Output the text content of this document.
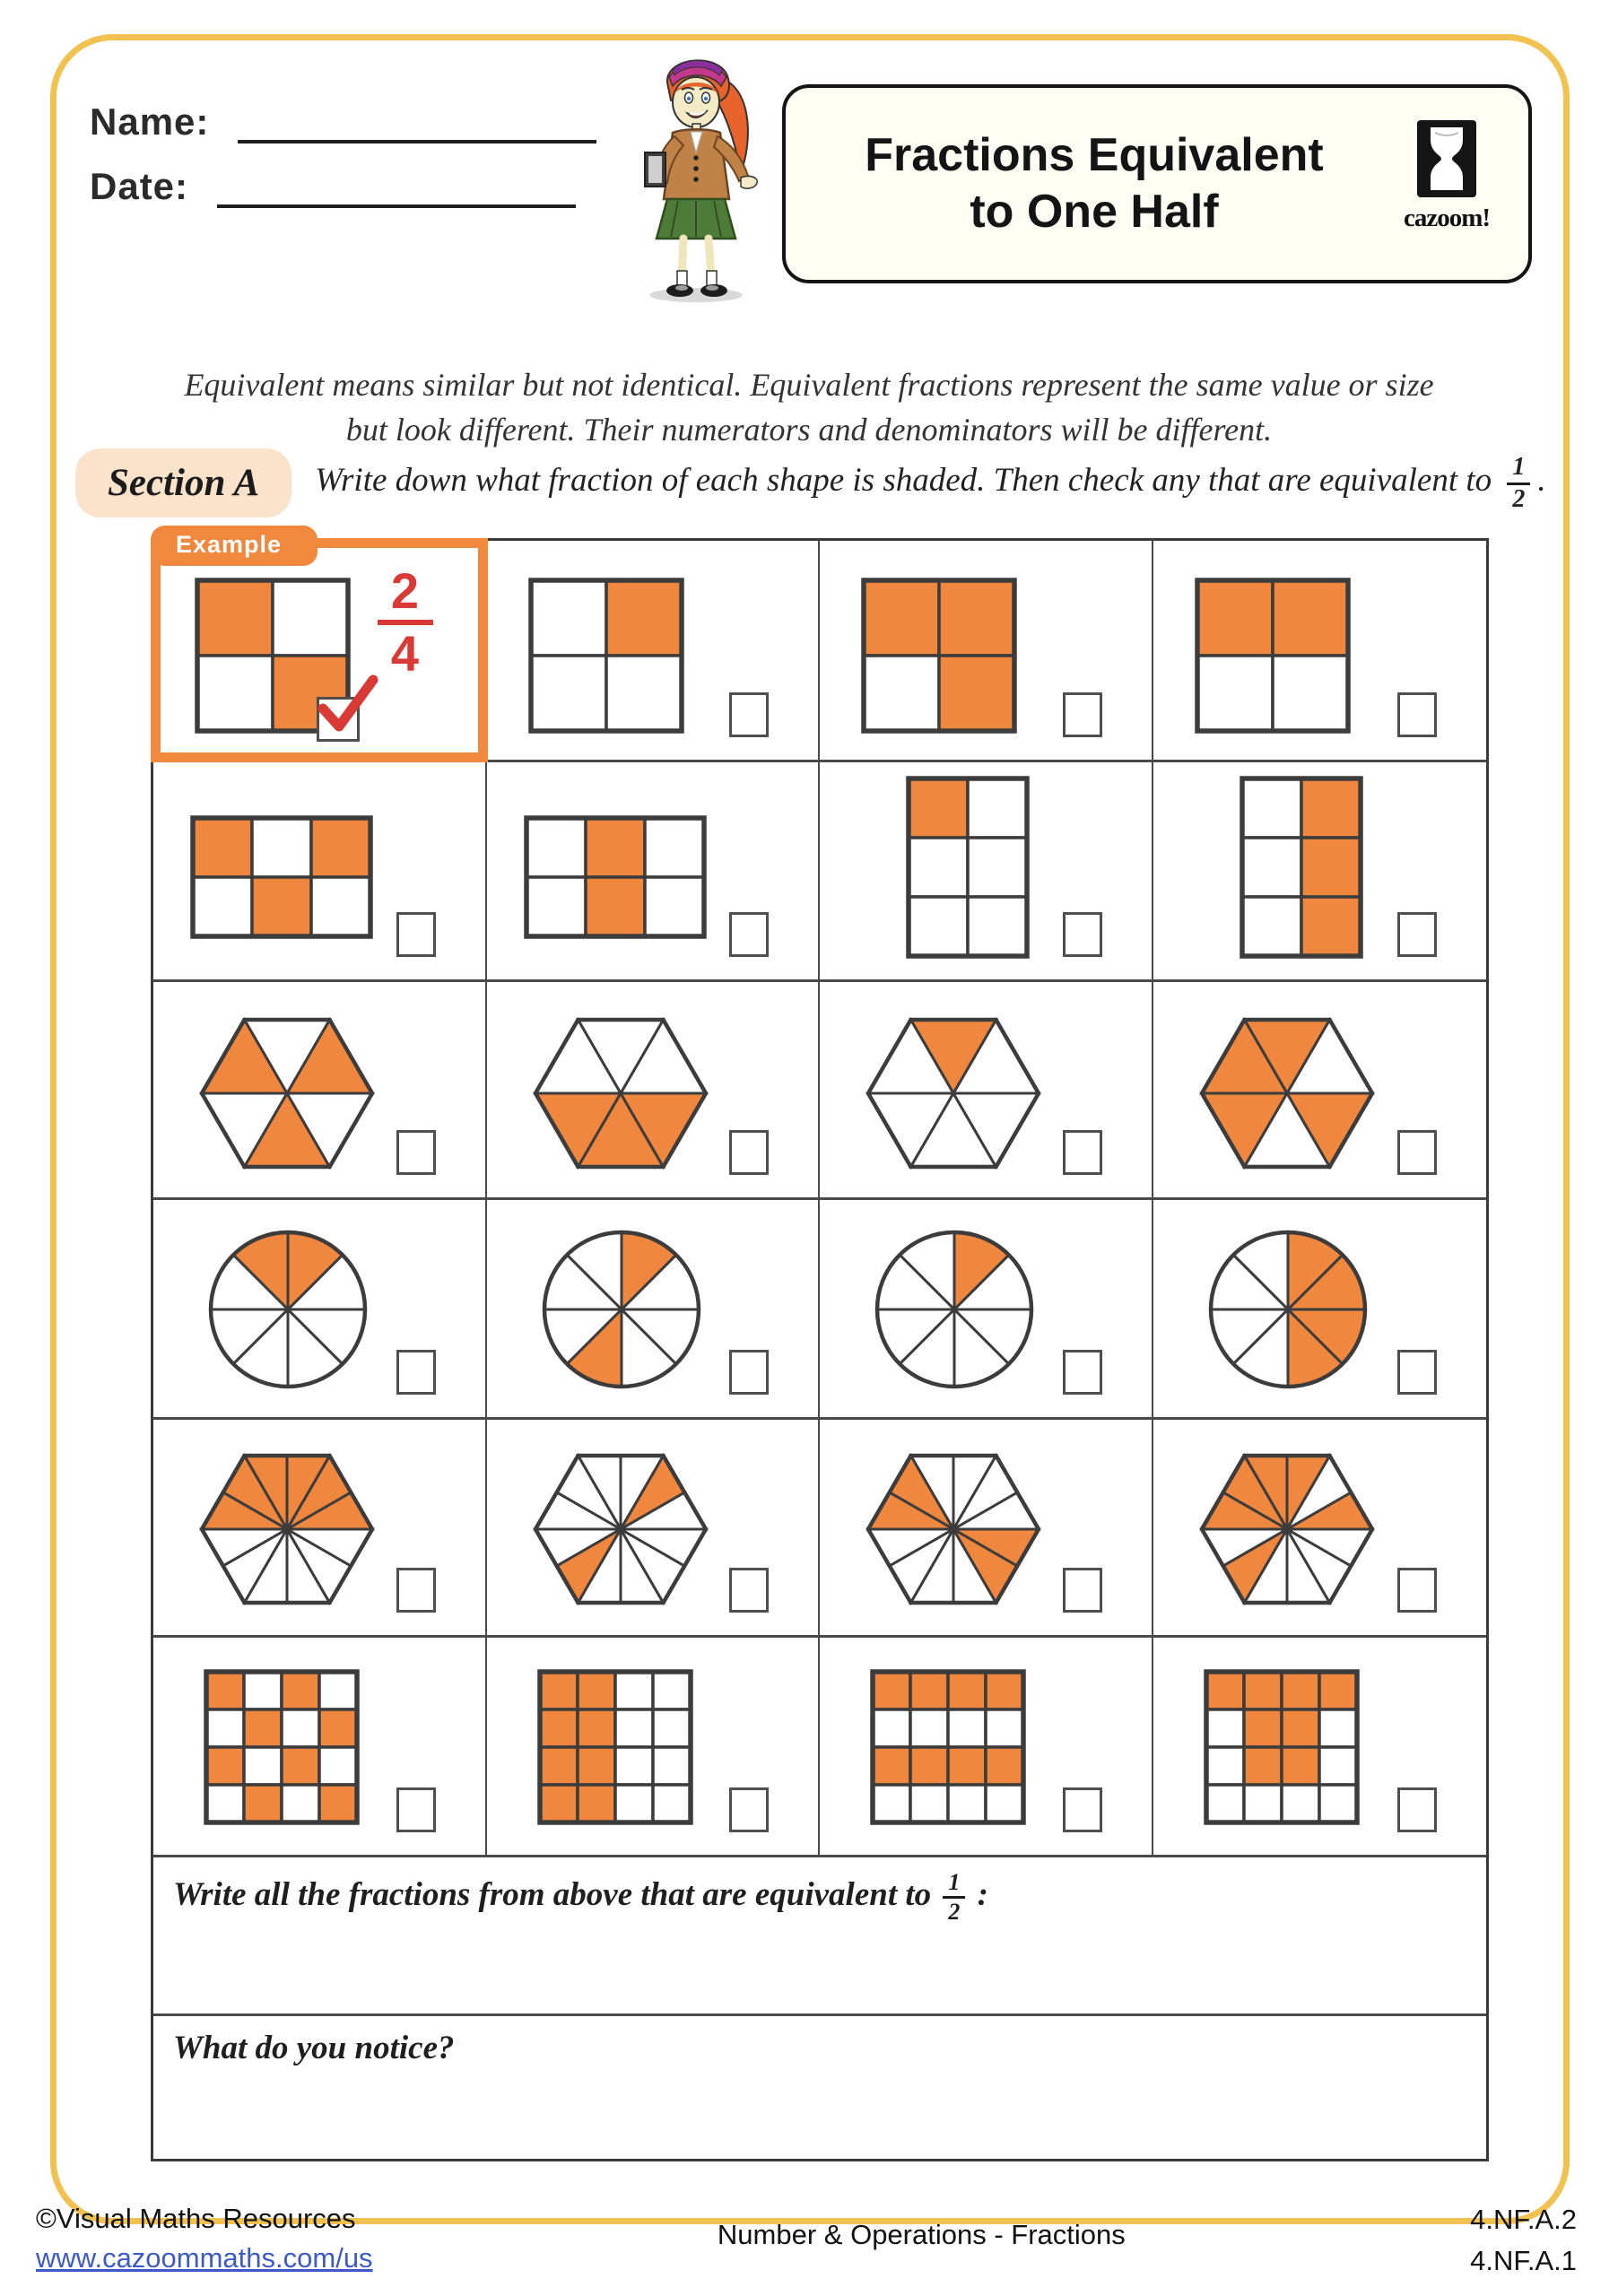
Name:
Date:
Fractions Equivalent
to One Half	cazoom!
Equivalent means similar but not identical. Equivalent fractions represent the same value or size
but look different. Their numerators and denominators will be different.
Section A	Write down what fraction of each shape is shaded. Then check any that are equivalent to $\frac{1}{2}$ .
Example
2
4
Write all the fractions from above that are equivalent to $\frac{1}{2}$ :
What do you notice?
©Visual Maths Resources
www.cazoommaths.com/us
Number & Operations - Fractions	4.NF.A.2
4.NF.A.1
